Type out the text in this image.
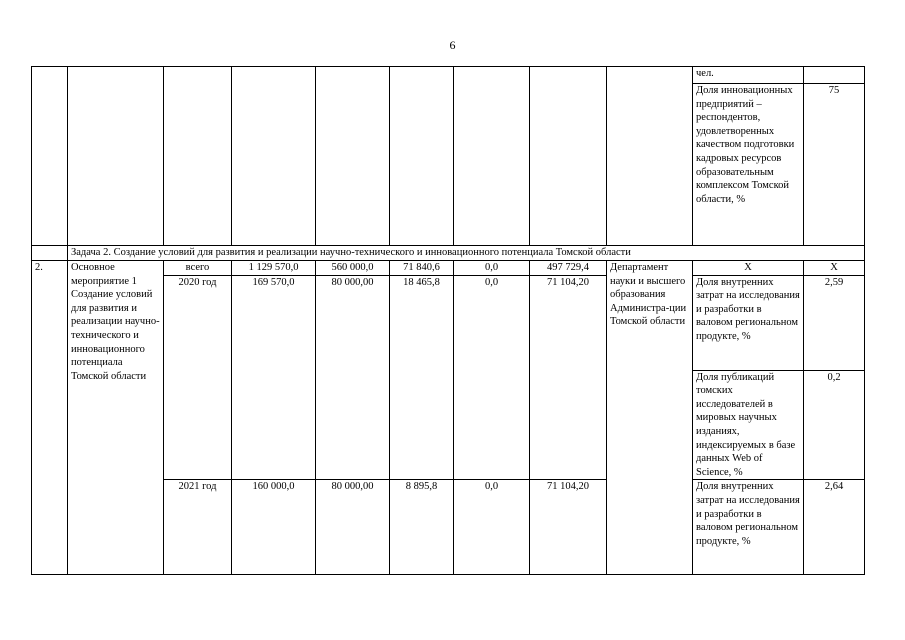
6
									чел.	
									Доля инновационных предприятий – респондентов, удовлетворенных качеством подготовки кадровых ресурсов образовательным комплексом Томской области, %	75
	Задача 2. Создание условий для развития и реализации научно-технического и инновационного потенциала Томской области									
2.	Основное мероприятие 1 Создание условий для развития и реализации научно-технического и инновационного потенциала Томской области	всего	1 129 570,0	560 000,0	71 840,6	0,0	497 729,4	Департамент науки и высшего образования Администра-ции Томской области	Х	Х
		2020 год	169 570,0	80 000,00	18 465,8	0,0	71 104,20		Доля внутренних затрат на исследования и разработки в валовом региональном продукте, %	2,59
									Доля публикаций томских исследователей в мировых научных изданиях, индексируемых в базе данных Web of Science, %	0,2
		2021 год	160 000,0	80 000,00	8 895,8	0,0	71 104,20		Доля внутренних затрат на исследования и разработки в валовом региональном продукте, %	2,64
